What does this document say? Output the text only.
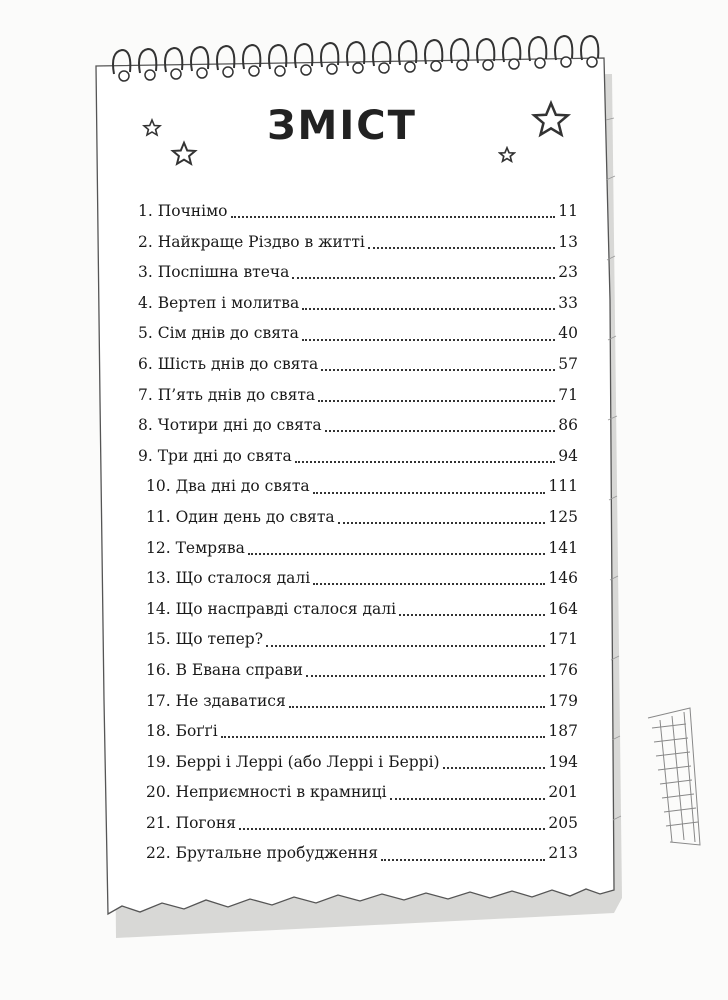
ЗМІСТ
1. Почнімо	11
2. Найкраще Різдво в житті	13
3. Поспішна втеча	23
4. Вертеп і молитва	33
5. Сім днів до свята	40
6. Шість днів до свята	57
7. П’ять днів до свята	71
8. Чотири дні до свята	86
9. Три дні до свята	94
10. Два дні до свята	111
11. Один день до свята	125
12. Темрява	141
13. Що сталося далі	146
14. Що насправді сталося далі	164
15. Що тепер?	171
16. В Евана справи	176
17. Не здаватися	179
18. Боґґі	187
19. Беррі і Леррі (або Леррі і Беррі)	194
20. Неприємності в крамниці	201
21. Погоня	205
22. Брутальне пробудження	213
